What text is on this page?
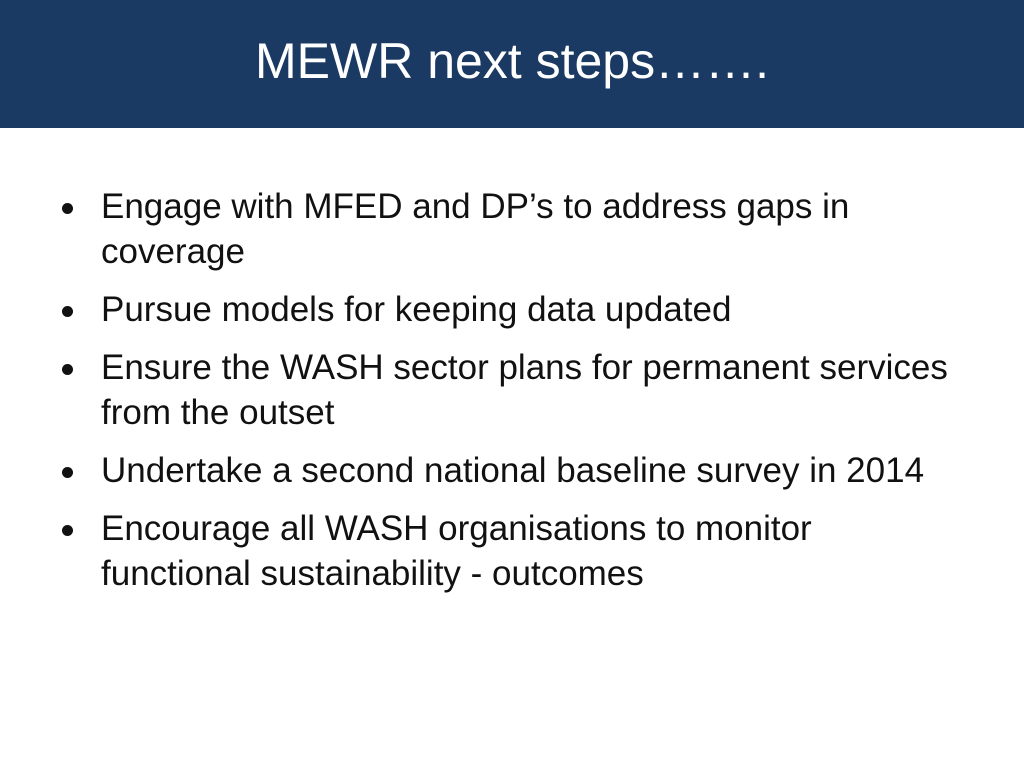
MEWR next steps…….
Engage with MFED and DP’s to address gaps in coverage
Pursue models for keeping data updated
Ensure the WASH sector plans for permanent services from the outset
Undertake a second national baseline survey in 2014
Encourage all WASH organisations to monitor functional sustainability - outcomes
